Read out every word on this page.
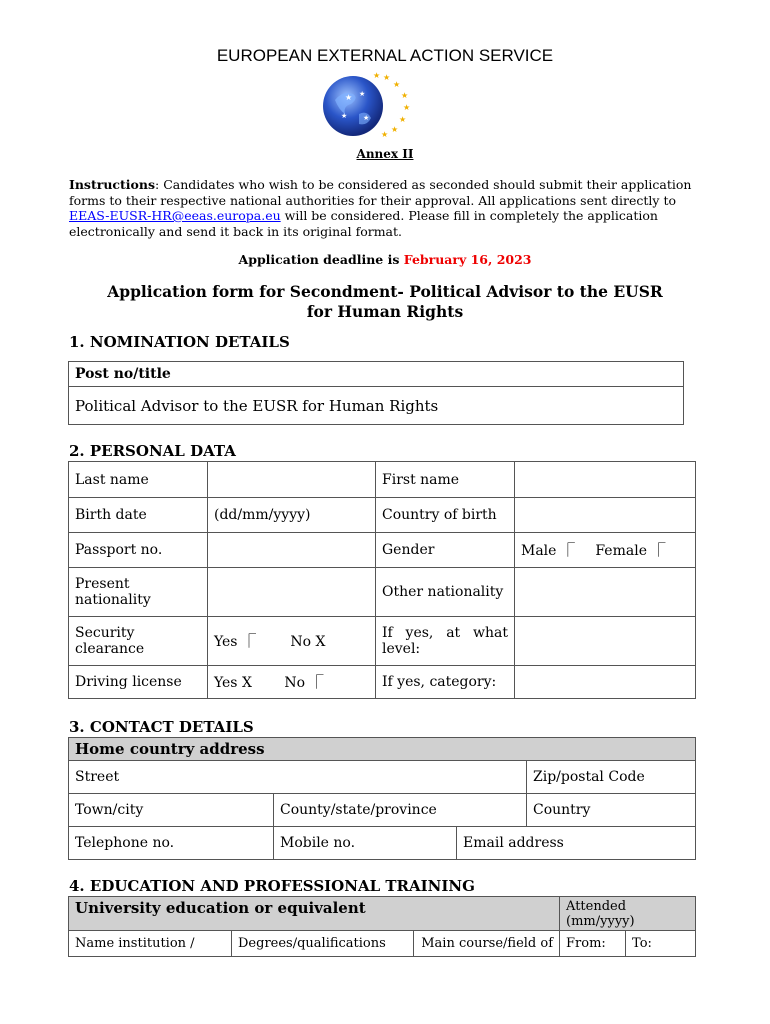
EUROPEAN EXTERNAL ACTION SERVICE
★ ★
★ ★
★
★
★
★
★
★
★
★
Annex II
Instructions: Candidates who wish to be considered as seconded should submit their application forms to their respective national authorities for their approval. All applications sent directly to EEAS-EUSR-HR@eeas.europa.eu will be considered. Please fill in completely the application electronically and send it back in its original format.
Application deadline is February 16, 2023
Application form for Secondment- Political Advisor to the EUSR
for Human Rights
1. NOMINATION DETAILS
Post no/title
Political Advisor to the EUSR for Human Rights
2. PERSONAL DATA
Last name		First name	
Birth date	(dd/mm/yyyy)	Country of birth	
Passport no.		Gender	Male ⎾ Female ⎾
Present nationality		Other nationality	
Security clearance	Yes ⎾ No X	If yes, at what level:	
Driving license	Yes X No ⎾	If yes, category:	
3. CONTACT DETAILS
Home country address			
Street			Zip/postal Code
Town/city	County/state/province		Country
Telephone no.	Mobile no.	Email address	
4. EDUCATION AND PROFESSIONAL TRAINING
University education or equivalent			Attended (mm/yyyy)	
Name institution /	Degrees/qualifications	Main course/field of	From:	To:
